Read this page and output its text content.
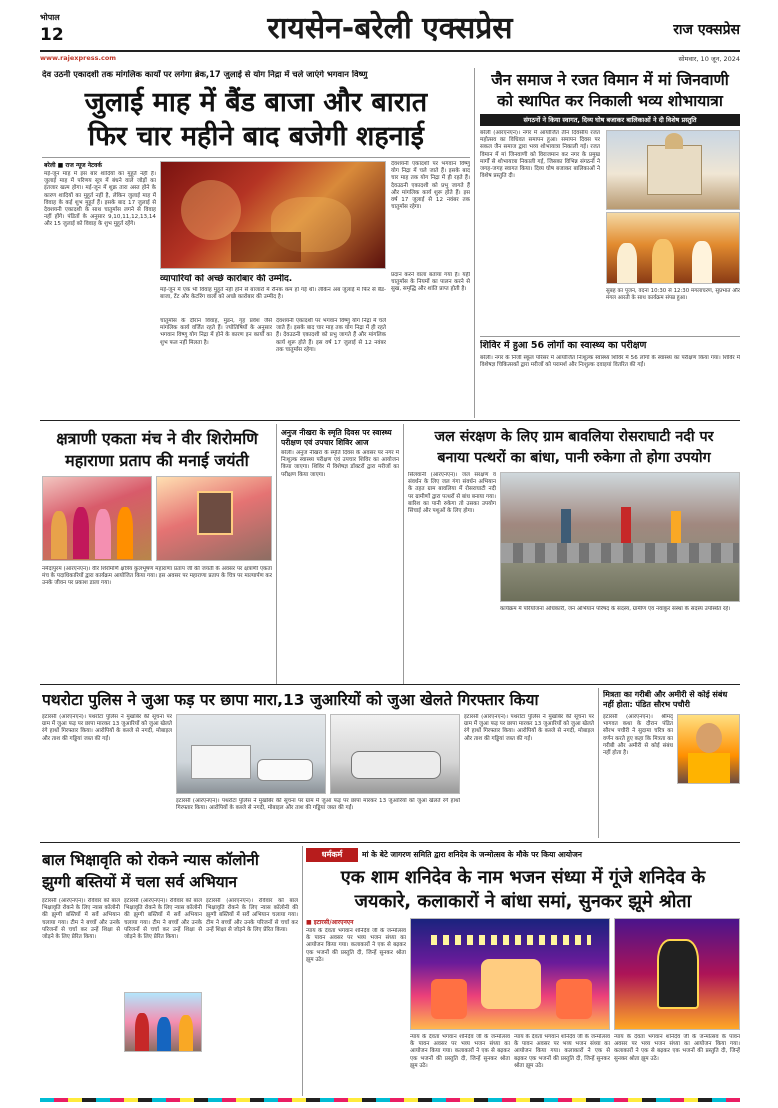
भोपाल
12	रायसेन-बरेली एक्सप्रेस	राज एक्सप्रेस
www.rajexpress.com	सोमवार, 10 जून, 2024
देव उठनी एकादशी तक मांगलिक कार्यों पर लगेगा ब्रेक,17 जुलाई से योग निद्रा में चले जाएंगे भगवान विष्णु
जुलाई माह में बैंड बाजा और बारात
फिर चार महीने बाद बजेगी शहनाई
बरेली ■ राज न्यूज नेटवर्क
मई-जून माह में इस बार शादियों का मुहूर्त नहीं है। जुलाई माह में परिणय सूत्र में बंधने वाले जोड़ों का इंतजार खत्म होगा। मई-जून में शुक्र तारा अस्त होने के कारण शादियों का मुहूर्त नहीं है, लेकिन जुलाई माह में विवाह के कई शुभ मुहूर्त हैं। इसके बाद 17 जुलाई से देवशयनी एकादशी के साथ चातुर्मास लगने से विवाह नहीं होंगे। पंडितों के अनुसार 9,10,11,12,13,14 और 15 जुलाई को विवाह के शुभ मुहूर्त रहेंगे।
देवशयनी एकादशी पर भगवान विष्णु योग निद्रा में चले जाते हैं। इसके बाद चार माह तक योग निद्रा में ही रहते हैं। देवउठनी एकादशी को प्रभु जागते हैं और मांगलिक कार्य शुरू होते हैं। इस वर्ष 17 जुलाई से 12 नवंबर तक चातुर्मास रहेगा।
व्यापारियों को अच्छे कारोबार की उम्मीद.
मई-जून में एक भी विवाह मुहूर्त नहीं होने से बाजारों में रौनक कम हो गई थी। लेकिन अब जुलाई में फिर से बैंड-बाजा, टेंट और केटरिंग वालों को अच्छे कारोबार की उम्मीद है।
चातुर्मास के दौरान विवाह, मुंडन, गृह प्रवेश जैसे मांगलिक कार्य वर्जित रहते हैं। ज्योतिषियों के अनुसार भगवान विष्णु योग निद्रा में होने के कारण इन कार्यों का शुभ फल नहीं मिलता है।
देवशयनी एकादशी पर भगवान विष्णु योग निद्रा में चले जाते हैं। इसके बाद चार माह तक योग निद्रा में ही रहते हैं। देवउठनी एकादशी को प्रभु जागते हैं और मांगलिक कार्य शुरू होते हैं। इस वर्ष 17 जुलाई से 12 नवंबर तक चातुर्मास रहेगा।
प्रदान करने वाला बताया गया है। यही चातुर्मास के नियमों का पालन करने से सुख, समृद्धि और शांति प्राप्त होती है।
जैन समाज ने रजत विमान में मां जिनवाणी
को स्थापित कर निकाली भव्य शोभायात्रा
संगठनों ने किया स्वागत, दिव्य घोष बजाकर बालिकाओं ने दी विशेष प्रस्तुति
बरेली (आरएनएन)। नगर में आयोजित तीन दिवसीय रजत महोत्सव का विधिवत समापन हुआ। समापन दिवस पर सकल जैन समाज द्वारा भव्य शोभायात्रा निकाली गई। रजत विमान में मां जिनवाणी को विराजमान कर नगर के प्रमुख मार्गों से शोभायात्रा निकाली गई, जिसका विभिन्न संगठनों ने जगह-जगह स्वागत किया। दिव्य घोष बजाकर बालिकाओं ने विशेष प्रस्तुति दी।
सुबह का पूजन, वंदना 10:30 से 12:30 मंगलाचरण, सुप्रभात और मंगल आरती के साथ कार्यक्रम संपन्न हुआ।
शिविर में हुआ 56 लोगों का स्वास्थ्य का परीक्षण
बरेली। नगर के निजी स्कूल परिसर में आयोजित निःशुल्क स्वास्थ्य शिविर में 56 लोगों के स्वास्थ्य का परीक्षण किया गया। शिविर में विशेषज्ञ चिकित्सकों द्वारा मरीजों को परामर्श और निःशुल्क दवाइयां वितरित की गईं।
क्षत्राणी एकता मंच ने वीर शिरोमणि
महाराणा प्रताप की मनाई जयंती
नर्मदापुरम (आरएनएन)। वीर शिरोमणि क्षत्रिय कुलभूषण महाराणा प्रताप जी की जयंती के अवसर पर क्षत्राणी एकता मंच के पदाधिकारियों द्वारा कार्यक्रम आयोजित किया गया। इस अवसर पर महाराणा प्रताप के चित्र पर माल्यार्पण कर उनके जीवन पर प्रकाश डाला गया।
अनुज नीखरा के स्मृति दिवस पर स्वास्थ्य परीक्षण एवं उपचार शिविर आज
बरेली। अनुज नीखरा के स्मृति दिवस के अवसर पर नगर में निःशुल्क स्वास्थ्य परीक्षण एवं उपचार शिविर का आयोजन किया जाएगा। शिविर में विशेषज्ञ डॉक्टरों द्वारा मरीजों का परीक्षण किया जाएगा।
जल संरक्षण के लिए ग्राम बावलिया रोसराघाटी नदी पर
बनाया पत्थरों का बांधा, पानी रुकेगा तो होगा उपयोग
सिलवानी (आरएनएन)। जल संरक्षण व संवर्धन के लिए जल गंगा संवर्धन अभियान के तहत ग्राम बावलिया में रोसराघाटी नदी पर ग्रामीणों द्वारा पत्थरों से बांध बनाया गया। बारिश का पानी रुकेगा तो उसका उपयोग सिंचाई और पशुओं के लिए होगा।
कार्यक्रम में परियोजना अधिकारी, जन अभियान परिषद के सदस्य, ग्रामीण एवं नवांकुर संस्था के सदस्य उपस्थित रहे।
पथरोटा पुलिस ने जुआ फड़ पर छापा मारा,13 जुआरियों को जुआ खेलते गिरफ्तार किया
इटारसी (आरएनएन)। पथरोटा पुलिस ने मुखबिर की सूचना पर ग्राम में जुआ फड़ पर छापा मारकर 13 जुआरियों को जुआ खेलते रंगे हाथों गिरफ्तार किया। आरोपियों के कब्जे से नगदी, मोबाइल और ताश की गड्डियां जब्त की गईं।
इटारसी (आरएनएन)। पथरोटा पुलिस ने मुखबिर की सूचना पर ग्राम में जुआ फड़ पर छापा मारकर 13 जुआरियों को जुआ खेलते रंगे हाथों गिरफ्तार किया। आरोपियों के कब्जे से नगदी, मोबाइल और ताश की गड्डियां जब्त की गईं।
इटारसी (आरएनएन)। पथरोटा पुलिस ने मुखबिर की सूचना पर ग्राम में जुआ फड़ पर छापा मारकर 13 जुआरियों को जुआ खेलते रंगे हाथों गिरफ्तार किया। आरोपियों के कब्जे से नगदी, मोबाइल और ताश की गड्डियां जब्त की गईं।
मित्रता का गरीबी और अमीरी से कोई संबंध नहीं होता: पंडित सौरभ पचौरी
इटारसी (आरएनएन)। श्रीमद् भागवत कथा के दौरान पंडित सौरभ पचौरी ने सुदामा चरित्र का वर्णन करते हुए कहा कि मित्रता का गरीबी और अमीरी से कोई संबंध नहीं होता है।
बाल भिक्षावृति को रोकने न्यास कॉलोनी
झुग्गी बस्तियों में चला सर्व अभियान
इटारसी (आरएनएन)। रविवार को बाल भिक्षावृति रोकने के लिए न्यास कॉलोनी की झुग्गी बस्तियों में सर्वे अभियान चलाया गया। टीम ने बच्चों और उनके परिजनों से चर्चा कर उन्हें शिक्षा से जोड़ने के लिए प्रेरित किया।
इटारसी (आरएनएन)। रविवार को बाल भिक्षावृति रोकने के लिए न्यास कॉलोनी की झुग्गी बस्तियों में सर्वे अभियान चलाया गया। टीम ने बच्चों और उनके परिजनों से चर्चा कर उन्हें शिक्षा से जोड़ने के लिए प्रेरित किया।
इटारसी (आरएनएन)। रविवार को बाल भिक्षावृति रोकने के लिए न्यास कॉलोनी की झुग्गी बस्तियों में सर्वे अभियान चलाया गया। टीम ने बच्चों और उनके परिजनों से चर्चा कर उन्हें शिक्षा से जोड़ने के लिए प्रेरित किया।
धर्मकर्म	मां के बेटे जागरण समिति द्वारा शनिदेव के जन्मोत्सव के मौके पर किया आयोजन
एक शाम शनिदेव के नाम भजन संध्या में गूंजे शनिदेव के
जयकारे, कलाकारों ने बांधा समां, सुनकर झूमे श्रोता
■ इटारसी/आरएनएन
न्याय के देवता भगवान शनिदेव जी के जन्मोत्सव के पावन अवसर पर भव्य भजन संध्या का आयोजन किया गया। कलाकारों ने एक से बढ़कर एक भजनों की प्रस्तुति दी, जिन्हें सुनकर श्रोता झूम उठे।
न्याय के देवता भगवान शनिदेव जी के जन्मोत्सव के पावन अवसर पर भव्य भजन संध्या का आयोजन किया गया। कलाकारों ने एक से बढ़कर एक भजनों की प्रस्तुति दी, जिन्हें सुनकर श्रोता झूम उठे।
न्याय के देवता भगवान शनिदेव जी के जन्मोत्सव के पावन अवसर पर भव्य भजन संध्या का आयोजन किया गया। कलाकारों ने एक से बढ़कर एक भजनों की प्रस्तुति दी, जिन्हें सुनकर श्रोता झूम उठे।
न्याय के देवता भगवान शनिदेव जी के जन्मोत्सव के पावन अवसर पर भव्य भजन संध्या का आयोजन किया गया। कलाकारों ने एक से बढ़कर एक भजनों की प्रस्तुति दी, जिन्हें सुनकर श्रोता झूम उठे।
